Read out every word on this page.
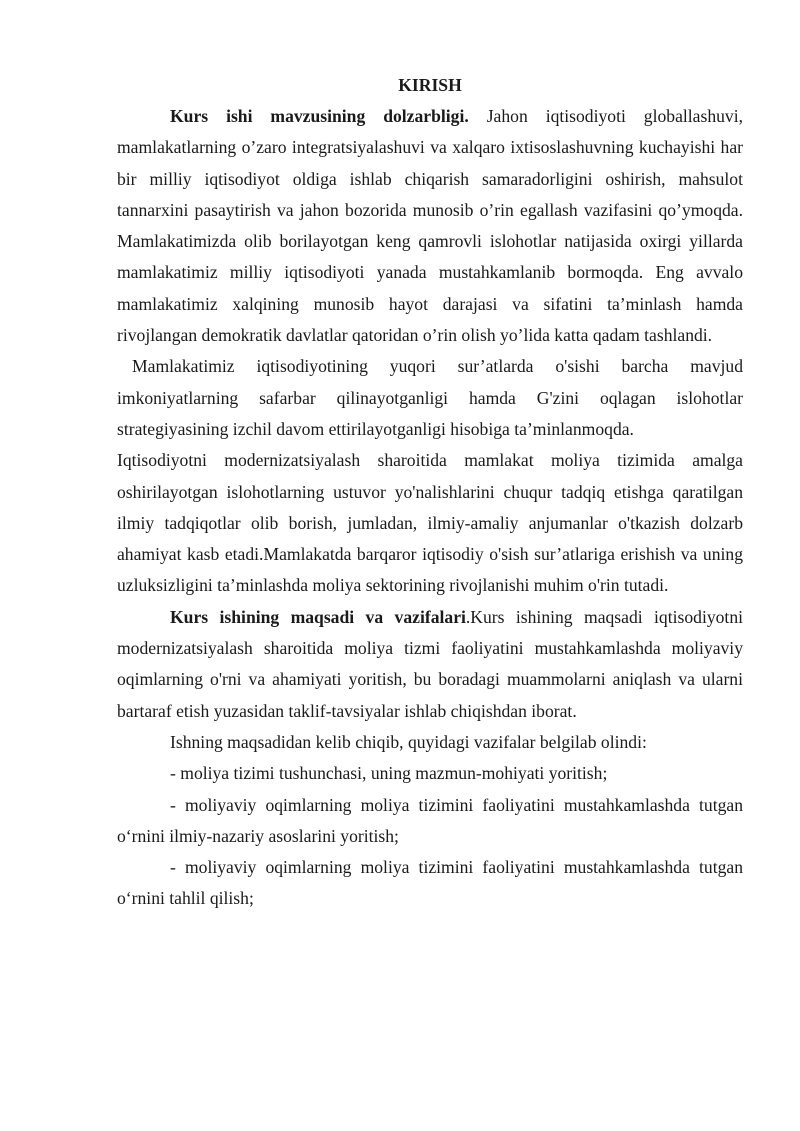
KIRISH

Kurs ishi mavzusining dolzarbligi. Jahon iqtisodiyoti globallashuvi, mamlakatlarning o’zaro integratsiyalashuvi va xalqaro ixtisoslashuvning kuchayishi har bir milliy iqtisodiyot oldiga ishlab chiqarish samaradorligini oshirish, mahsulot tannarxini pasaytirish va jahon bozorida munosib o’rin egallash vazifasini qo’ymoqda. Mamlakatimizda olib borilayotgan keng qamrovli islohotlar natijasida oxirgi yillarda mamlakatimiz milliy iqtisodiyoti yanada mustahkamlanib bormoqda. Eng avvalo mamlakatimiz xalqining munosib hayot darajasi va sifatini ta’minlash hamda rivojlangan demokratik davlatlar qatoridan o’rin olish yo’lida katta qadam tashlandi.

Mamlakatimiz iqtisodiyotining yuqori sur’atlarda o'sishi barcha mavjud imkoniyatlarning safarbar qilinayotganligi hamda G'zini oqlagan islohotlar strategiyasining izchil davom ettirilayotganligi hisobiga ta’minlanmoqda.

Iqtisodiyotni modernizatsiyalash sharoitida mamlakat moliya tizimida amalga oshirilayotgan islohotlarning ustuvor yo'nalishlarini chuqur tadqiq etishga qaratilgan ilmiy tadqiqotlar olib borish, jumladan, ilmiy-amaliy anjumanlar o'tkazish dolzarb ahamiyat kasb etadi.Mamlakatda barqaror iqtisodiy o'sish sur’atlariga erishish va uning uzluksizligini ta’minlashda moliya sektorining rivojlanishi muhim o'rin tutadi.

Kurs ishining maqsadi va vazifalari.Kurs ishining maqsadi iqtisodiyotni modernizatsiyalash sharoitida moliya tizmi faoliyatini mustahkamlashda moliyaviy oqimlarning o'rni va ahamiyati yoritish, bu boradagi muammolarni aniqlash va ularni bartaraf etish yuzasidan taklif-tavsiyalar ishlab chiqishdan iborat.

Ishning maqsadidan kelib chiqib, quyidagi vazifalar belgilab olindi:

- moliya tizimi tushunchasi, uning mazmun-mohiyati yoritish;

- moliyaviy oqimlarning moliya tizimini faoliyatini mustahkamlashda tutgan o‘rnini ilmiy-nazariy asoslarini yoritish;

- moliyaviy oqimlarning moliya tizimini faoliyatini mustahkamlashda tutgan o‘rnini tahlil qilish;
